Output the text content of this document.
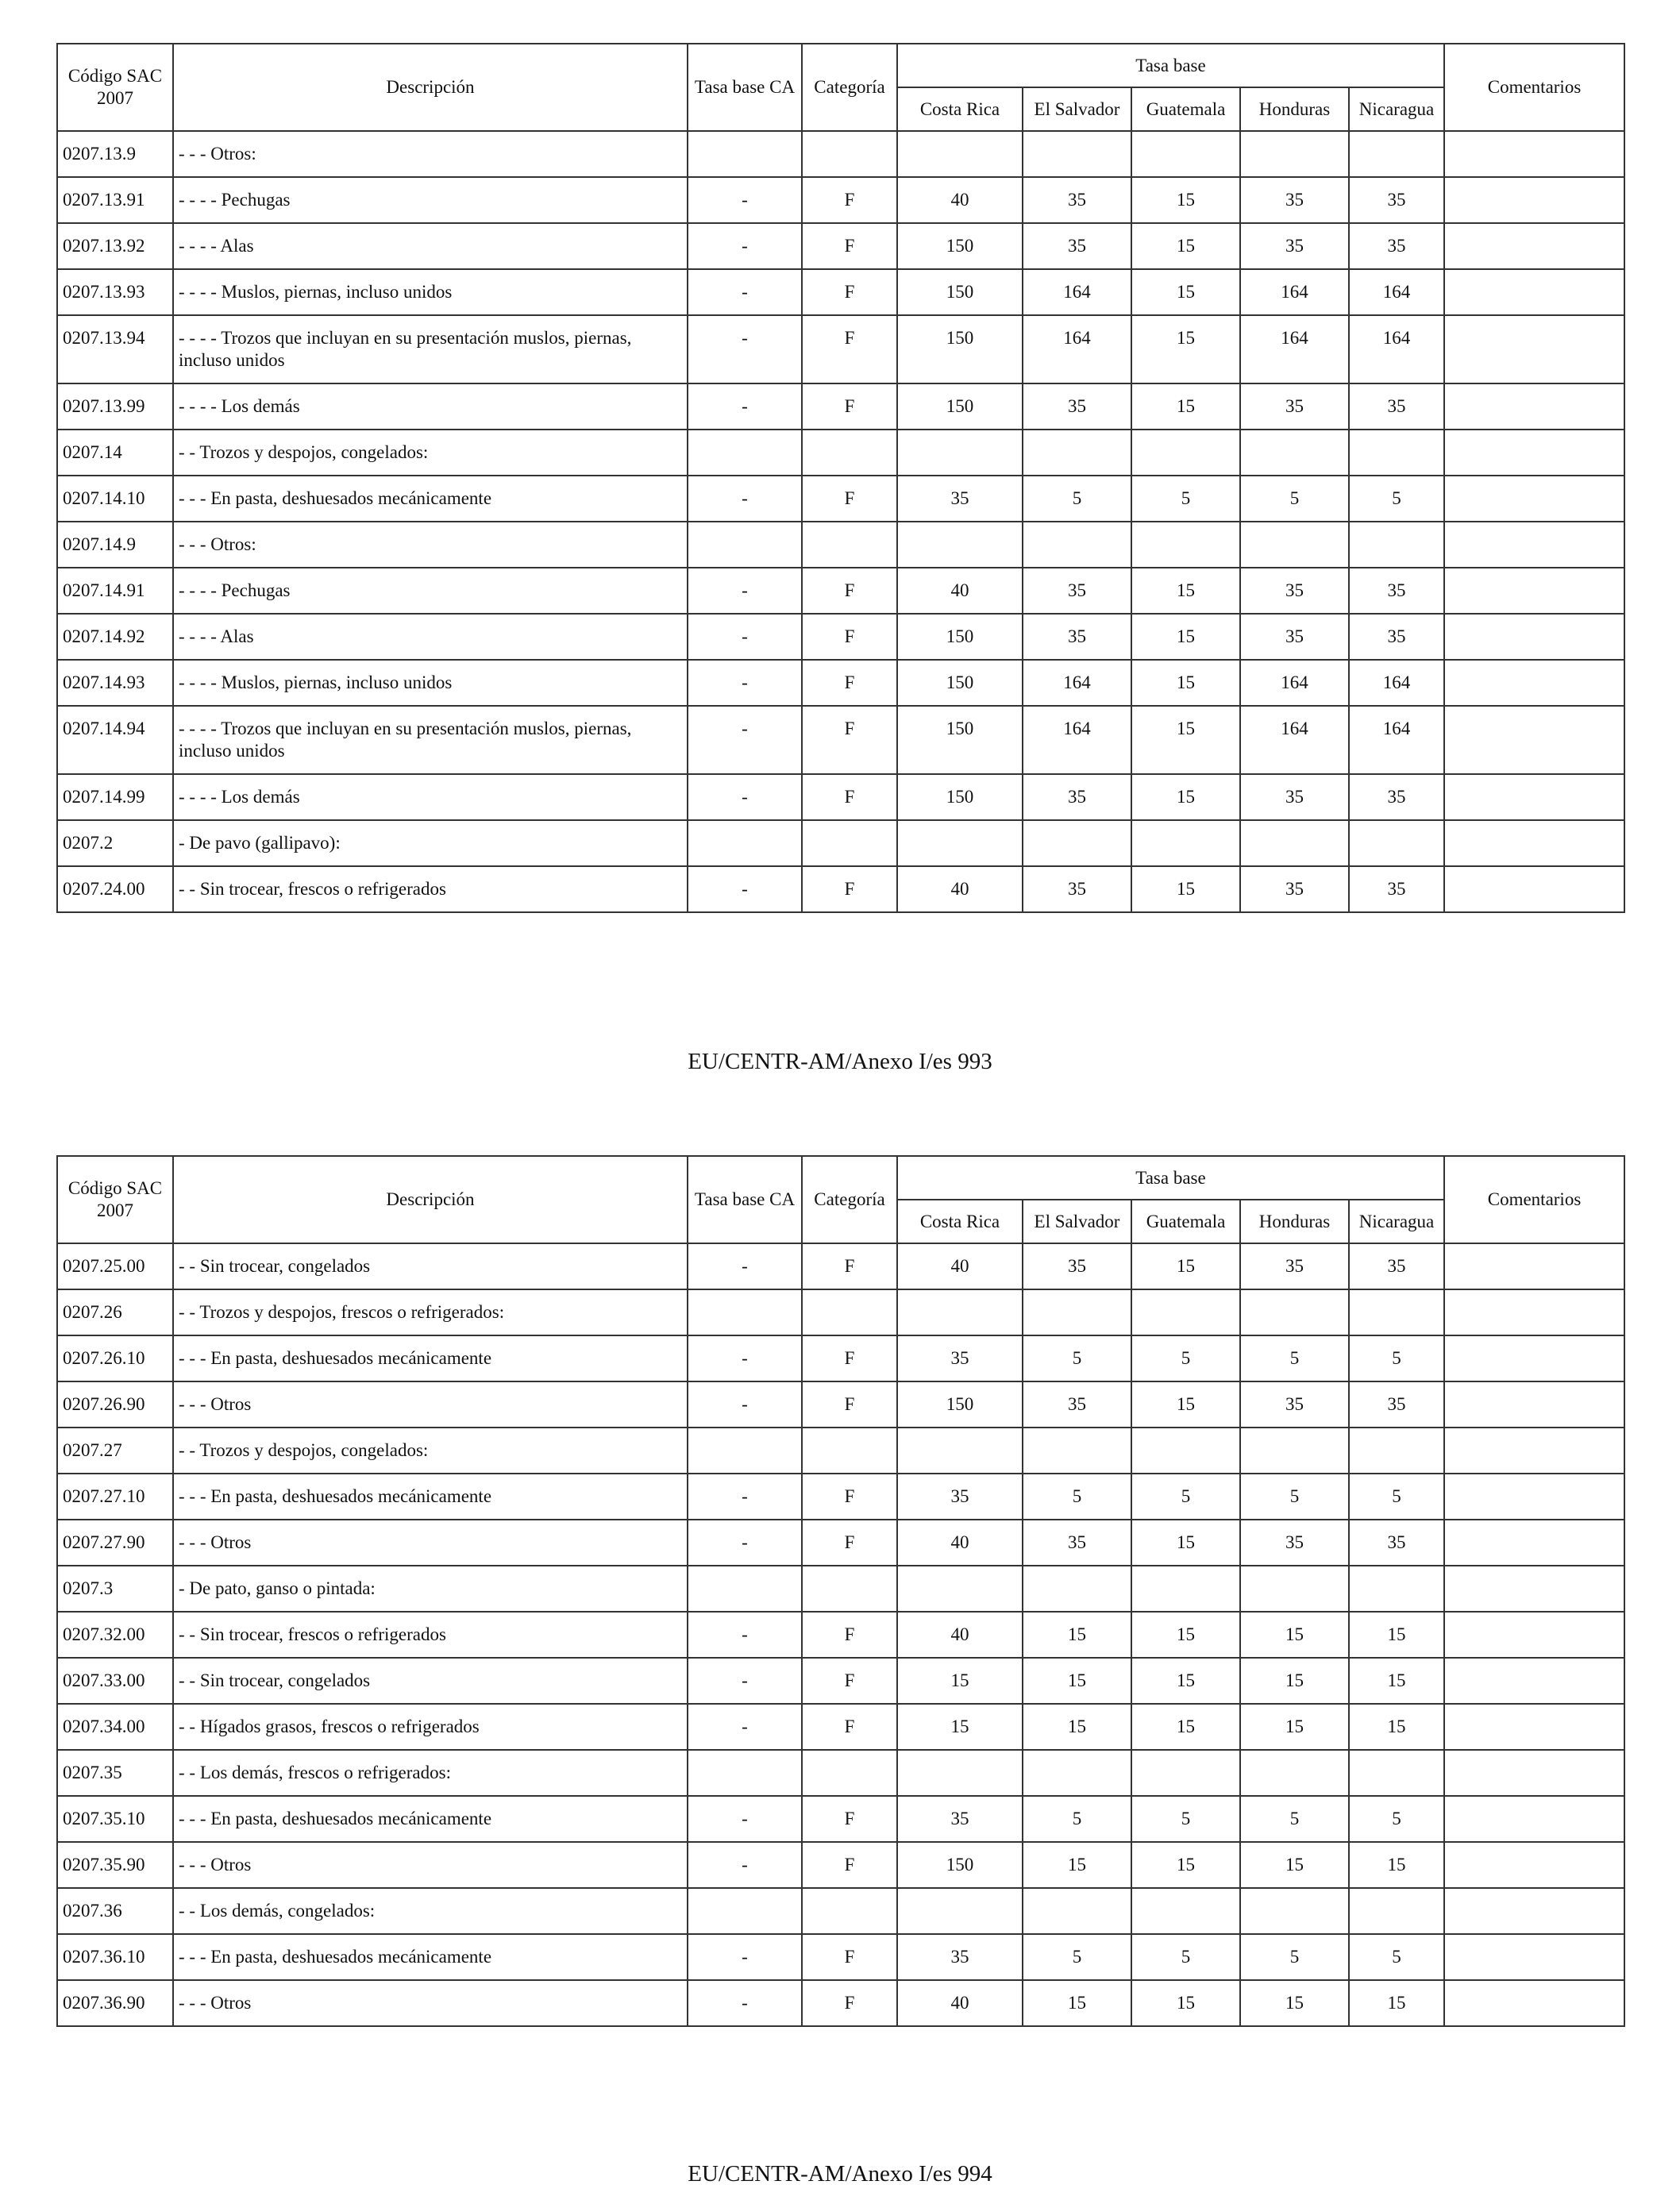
Código SAC 2007	Descripción	Tasa base CA	Categoría	Tasa base					Comentarios
				Costa Rica	El Salvador	Guatemala	Honduras	Nicaragua	
0207.13.9	- - - Otros:								
0207.13.91	- - - - Pechugas	-	F	40	35	15	35	35	
0207.13.92	- - - - Alas	-	F	150	35	15	35	35	
0207.13.93	- - - - Muslos, piernas, incluso unidos	-	F	150	164	15	164	164	
0207.13.94	- - - - Trozos que incluyan en su presentación muslos, piernas, incluso unidos	-	F	150	164	15	164	164	
0207.13.99	- - - - Los demás	-	F	150	35	15	35	35	
0207.14	- - Trozos y despojos, congelados:								
0207.14.10	- - - En pasta, deshuesados mecánicamente	-	F	35	5	5	5	5	
0207.14.9	- - - Otros:								
0207.14.91	- - - - Pechugas	-	F	40	35	15	35	35	
0207.14.92	- - - - Alas	-	F	150	35	15	35	35	
0207.14.93	- - - - Muslos, piernas, incluso unidos	-	F	150	164	15	164	164	
0207.14.94	- - - - Trozos que incluyan en su presentación muslos, piernas, incluso unidos	-	F	150	164	15	164	164	
0207.14.99	- - - - Los demás	-	F	150	35	15	35	35	
0207.2	- De pavo (gallipavo):								
0207.24.00	- - Sin trocear, frescos o refrigerados	-	F	40	35	15	35	35	
EU/CENTR-AM/Anexo I/es 993
Código SAC 2007	Descripción	Tasa base CA	Categoría	Tasa base					Comentarios
				Costa Rica	El Salvador	Guatemala	Honduras	Nicaragua	
0207.25.00	- - Sin trocear, congelados	-	F	40	35	15	35	35	
0207.26	- - Trozos y despojos, frescos o refrigerados:								
0207.26.10	- - - En pasta, deshuesados mecánicamente	-	F	35	5	5	5	5	
0207.26.90	- - - Otros	-	F	150	35	15	35	35	
0207.27	- - Trozos y despojos, congelados:								
0207.27.10	- - - En pasta, deshuesados mecánicamente	-	F	35	5	5	5	5	
0207.27.90	- - - Otros	-	F	40	35	15	35	35	
0207.3	- De pato, ganso o pintada:								
0207.32.00	- - Sin trocear, frescos o refrigerados	-	F	40	15	15	15	15	
0207.33.00	- - Sin trocear, congelados	-	F	15	15	15	15	15	
0207.34.00	- - Hígados grasos, frescos o refrigerados	-	F	15	15	15	15	15	
0207.35	- - Los demás, frescos o refrigerados:								
0207.35.10	- - - En pasta, deshuesados mecánicamente	-	F	35	5	5	5	5	
0207.35.90	- - - Otros	-	F	150	15	15	15	15	
0207.36	- - Los demás, congelados:								
0207.36.10	- - - En pasta, deshuesados mecánicamente	-	F	35	5	5	5	5	
0207.36.90	- - - Otros	-	F	40	15	15	15	15	
EU/CENTR-AM/Anexo I/es 994
